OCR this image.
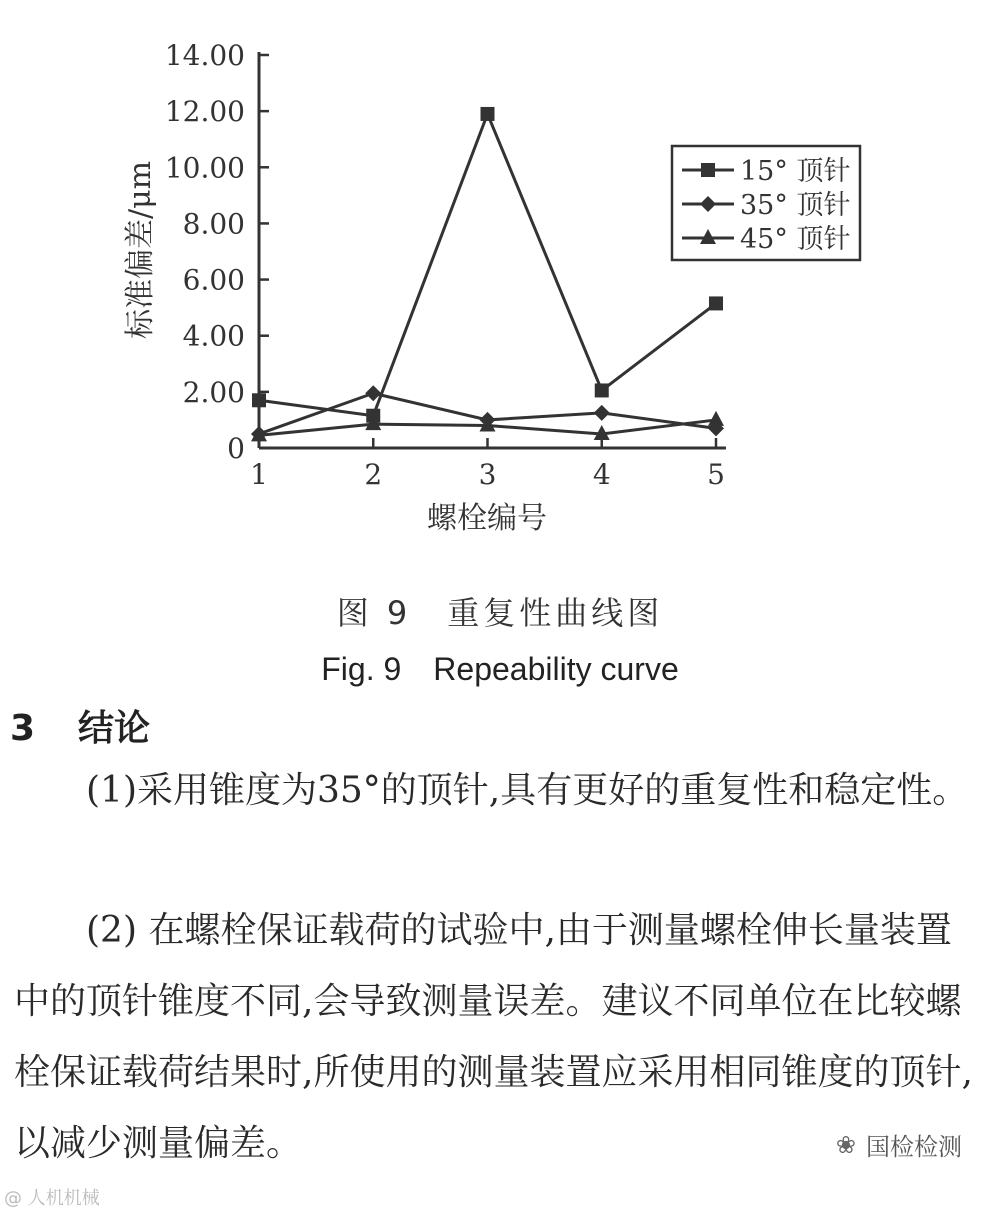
0
2.00
4.00
6.00
8.00
10.00
12.00
14.00
1	2	3	4	5
15° 顶针
35° 顶针
45° 顶针
标准偏差/μm
螺栓编号
图 9　重复性曲线图
Fig. 9　Repeability curve
3 结论

(1)采用锥度为35°的顶针,具有更好的重复性和稳定性。

(2) 在螺栓保证载荷的试验中,由于测量螺栓伸长量装置中的顶针锥度不同,会导致测量误差。建议不同单位在比较螺栓保证载荷结果时,所使用的测量装置应采用相同锥度的顶针,以减少测量偏差。	❀ 国检检测
@ 人机机械
